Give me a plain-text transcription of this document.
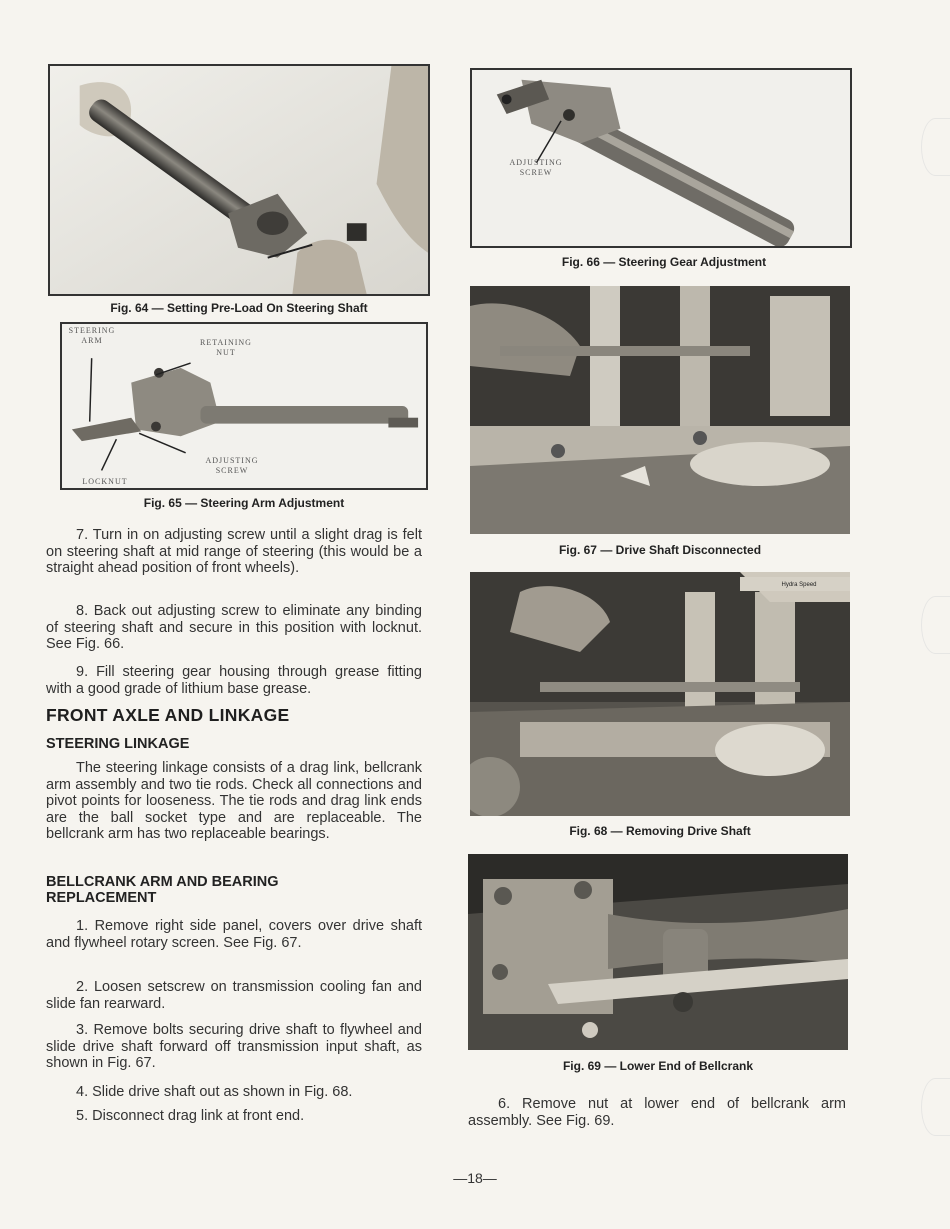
Fig. 64 — Setting Pre-Load On Steering Shaft
STEERING
ARM	RETAINING
NUT
ADJUSTING
SCREW
LOCKNUT
Fig. 65 — Steering Arm Adjustment

7. Turn in on adjusting screw until a slight drag is felt on steering shaft at mid range of steering (this would be a straight ahead position of front wheels).

8. Back out adjusting screw to eliminate any binding of steering shaft and secure in this position with locknut. See Fig. 66.

9. Fill steering gear housing through grease fitting with a good grade of lithium base grease.

FRONT AXLE AND LINKAGE
STEERING LINKAGE

The steering linkage consists of a drag link, bellcrank arm assembly and two tie rods. Check all connections and pivot points for looseness. The tie rods and drag link ends are the ball socket type and are replaceable. The bellcrank arm has two replaceable bearings.

BELLCRANK ARM AND BEARING REPLACEMENT

1. Remove right side panel, covers over drive shaft and flywheel rotary screen. See Fig. 67.

2. Loosen setscrew on transmission cooling fan and slide fan rearward.

3. Remove bolts securing drive shaft to flywheel and slide drive shaft forward off transmission input shaft, as shown in Fig. 67.

4. Slide drive shaft out as shown in Fig. 68.

5. Disconnect drag link at front end.

ADJUSTING
SCREW
Fig. 66 — Steering Gear Adjustment
Fig. 67 — Drive Shaft Disconnected
Hydra Speed
Fig. 68 — Removing Drive Shaft
Fig. 69 — Lower End of Bellcrank

6. Remove nut at lower end of bellcrank arm assembly. See Fig. 69.

—18—
